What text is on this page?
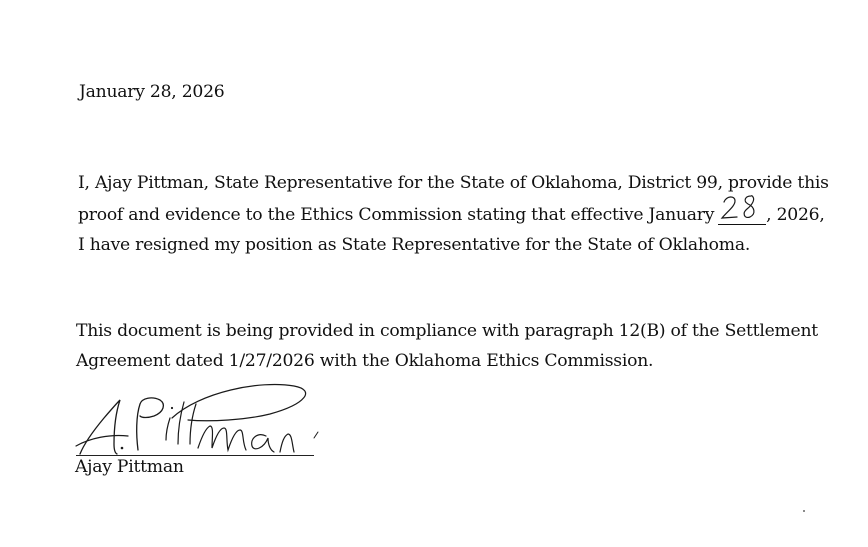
January 28, 2026
I, Ajay Pittman, State Representative for the State of Oklahoma, District 99, provide this
proof and evidence to the Ethics Commission stating that effective January	, 2026,
I have resigned my position as State Representative for the State of Oklahoma.
This document is being provided in compliance with paragraph 12(B) of the Settlement
Agreement dated 1/27/2026 with the Oklahoma Ethics Commission.
Ajay Pittman
